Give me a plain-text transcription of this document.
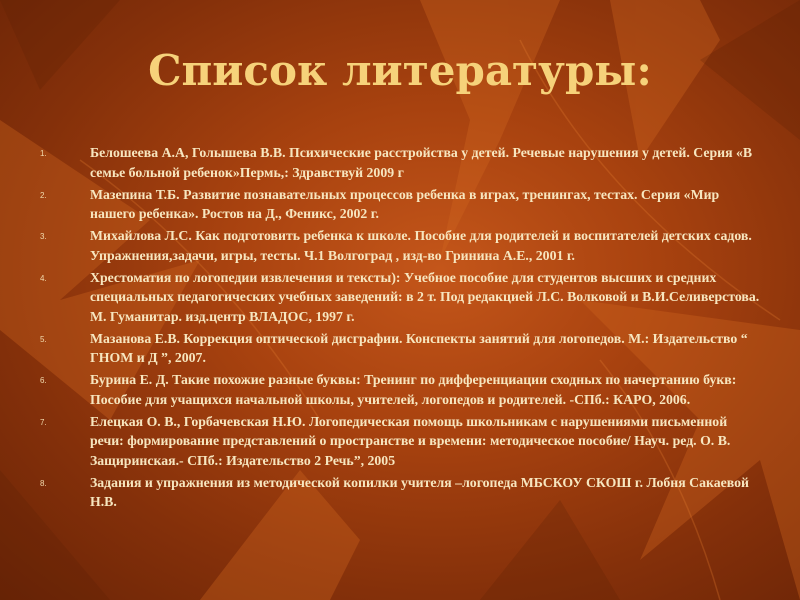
Список литературы:
1.	Белошеева А.А, Голышева В.В. Психические расстройства у детей. Речевые нарушения у детей. Серия «В семье больной ребенок»Пермь,: Здравствуй 2009 г
2.	Мазепина Т.Б. Развитие познавательных процессов ребенка в играх, тренингах, тестах. Серия «Мир нашего ребенка». Ростов на Д., Феникс, 2002 г.
3.	Михайлова Л.С. Как подготовить ребенка к школе. Пособие для родителей и воспитателей детских садов. Упражнения,задачи, игры, тесты. Ч.1 Волгоград , изд-во Гринина А.Е., 2001 г.
4.	Хрестоматия по логопедии извлечения и тексты): Учебное пособие для студентов высших и средних специальных педагогических учебных заведений: в 2 т. Под редакцией Л.С. Волковой и В.И.Селиверстова. М. Гуманитар. изд.центр ВЛАДОС, 1997 г.
5.	Мазанова Е.В. Коррекция оптической дисграфии. Конспекты занятий для логопедов. М.: Издательство “ ГНОМ и Д ”, 2007.
6.	Бурина Е. Д. Такие похожие разные буквы: Тренинг по дифференциации сходных по начертанию букв: Пособие для учащихся начальной школы, учителей, логопедов и родителей. -СПб.: КАРО, 2006.
7.	Елецкая О. В., Горбачевская Н.Ю. Логопедическая помощь школьникам с нарушениями письменной речи: формирование представлений о пространстве и времени: методическое пособие/ Науч. ред. О. В. Защиринская.- СПб.: Издательство 2 Речь”, 2005
8.	Задания и упражнения из методической копилки учителя –логопеда МБСКОУ СКОШ г. Лобня Сакаевой Н.В.
